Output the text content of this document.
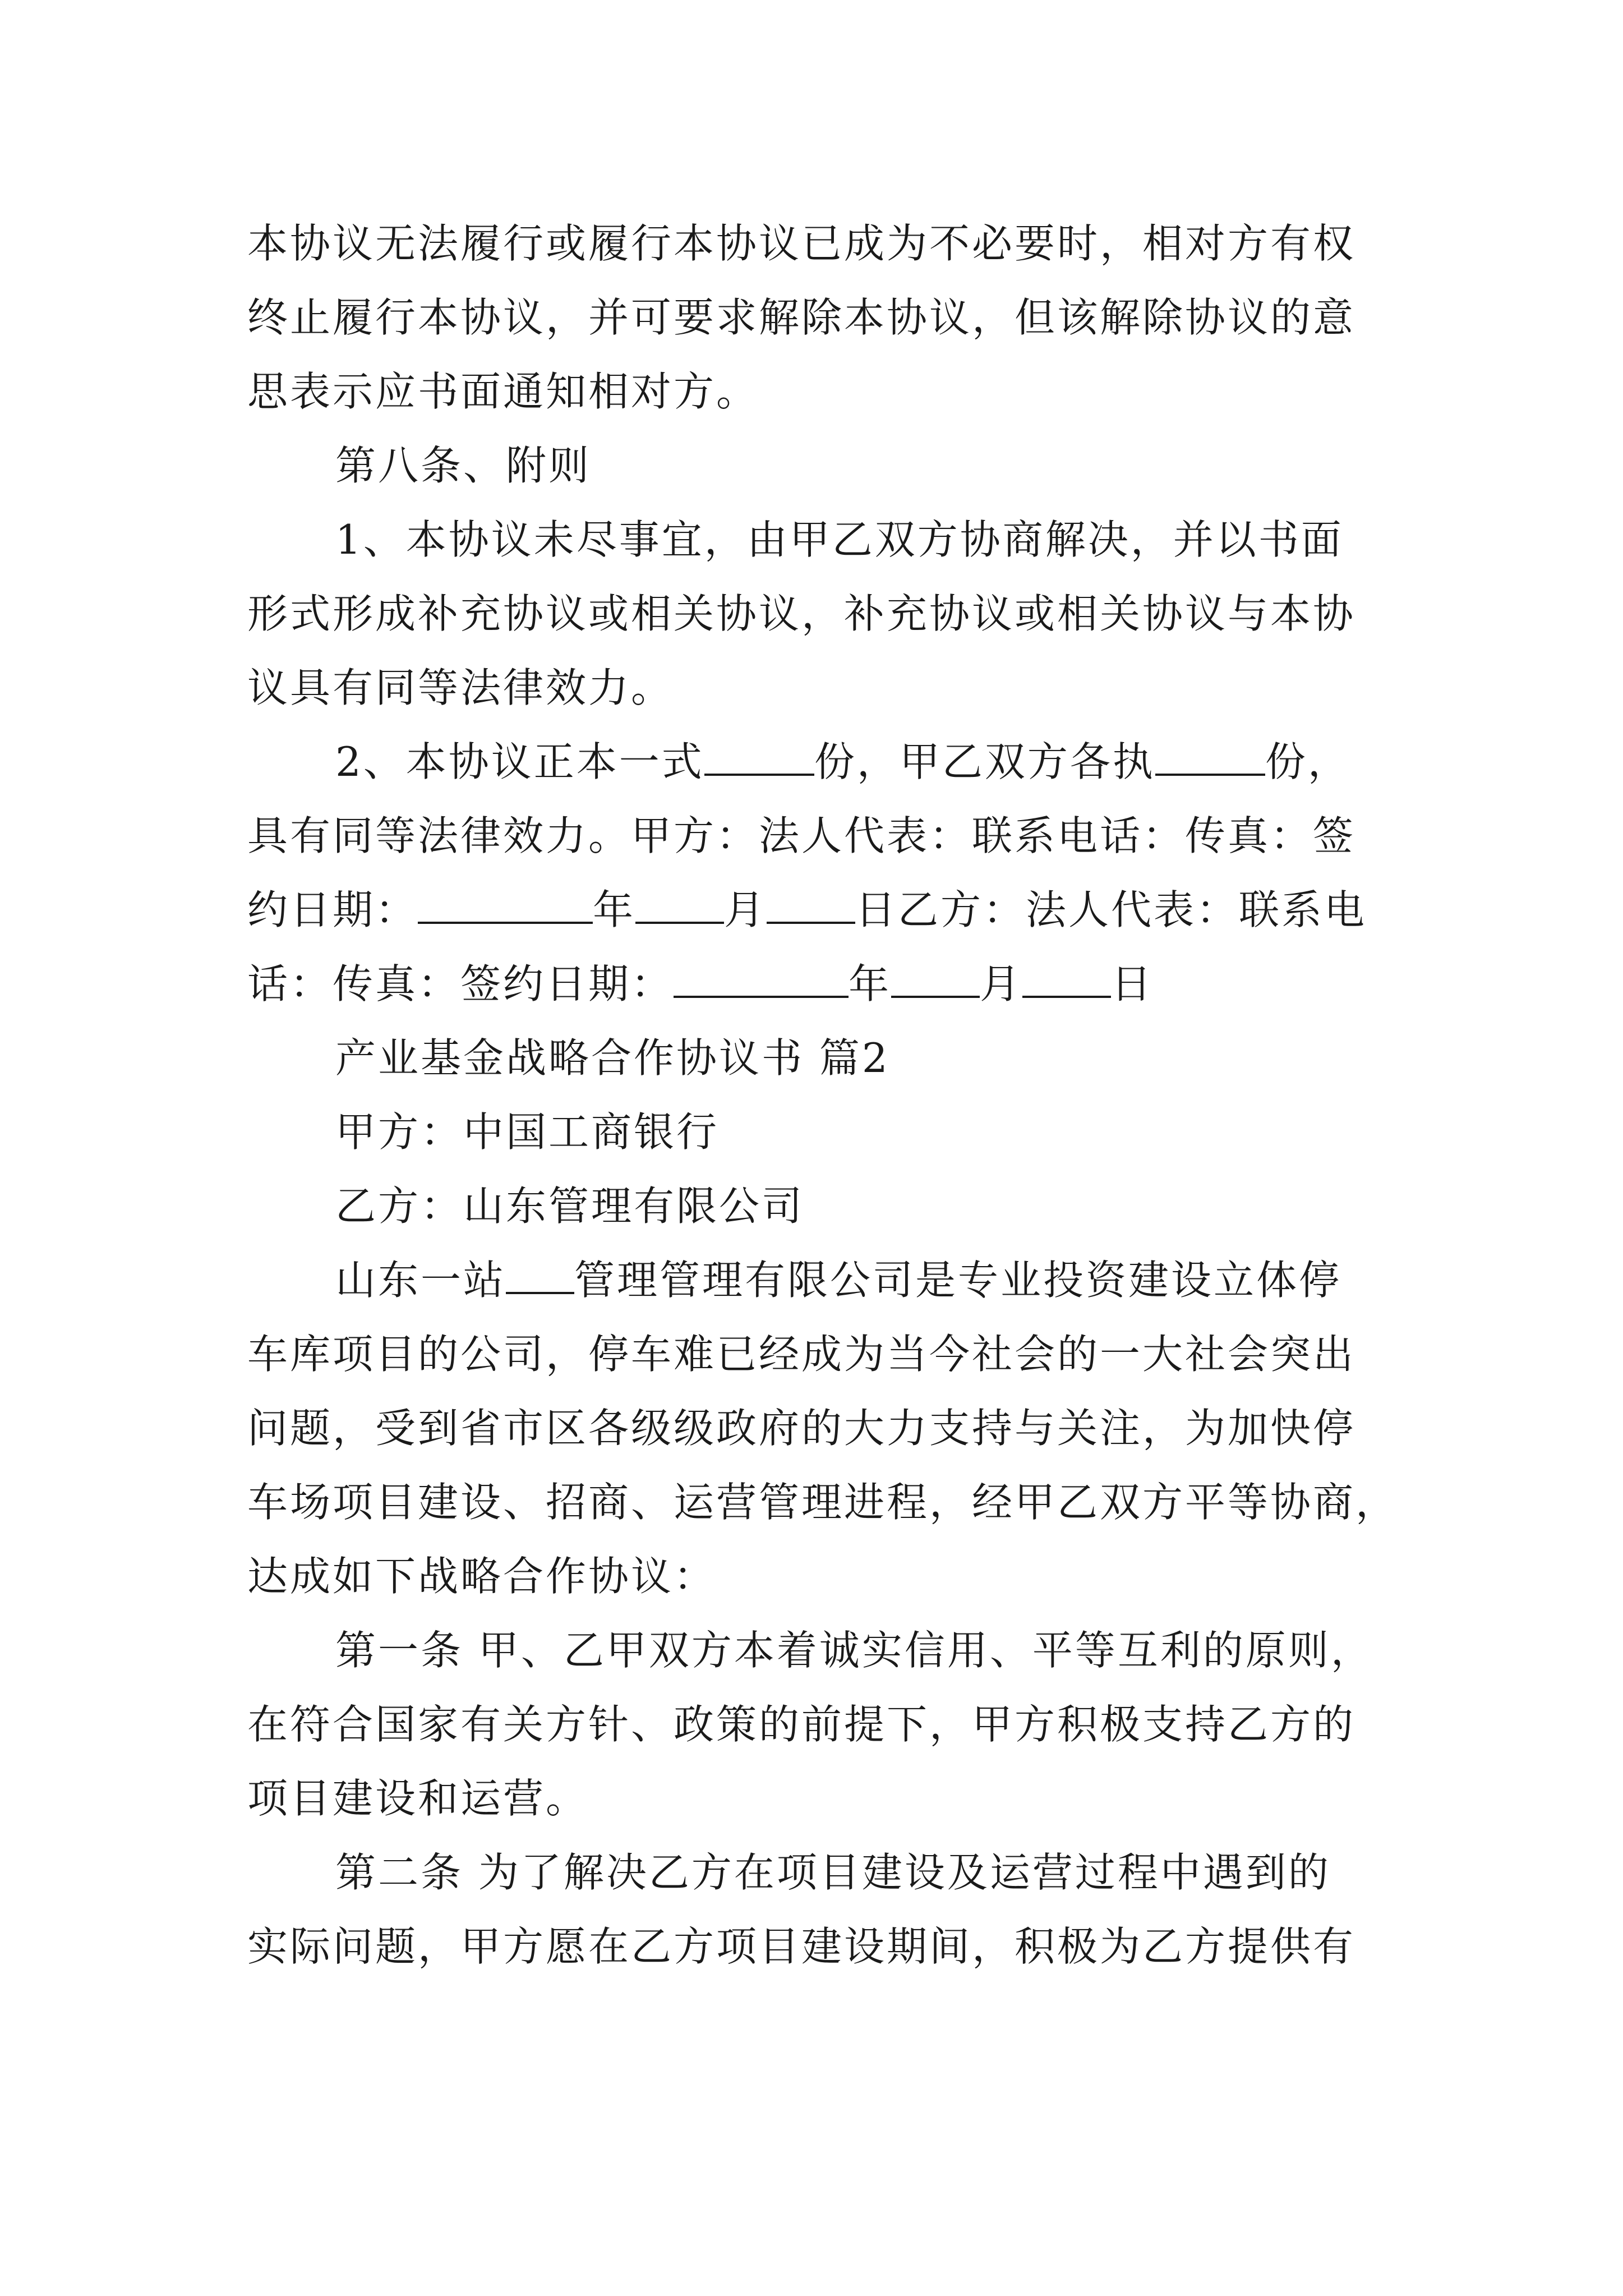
本协议无法履行或履行本协议已成为不必要时，相对方有权
终止履行本协议，并可要求解除本协议，但该解除协议的意
思表示应书面通知相对方。
第八条、附则
1、本协议未尽事宜，由甲乙双方协商解决，并以书面
形式形成补充协议或相关协议，补充协议或相关协议与本协
议具有同等法律效力。
2、本协议正本一式	份，甲乙双方各执	份，
具有同等法律效力。甲方：法人代表：联系电话：传真：签
约日期：	年 月 日乙方：法人代表：联系电
话：传真：签约日期：	年 月 日
产业基金战略合作协议书 篇2
甲方：中国工商银行
乙方：山东管理有限公司
山东一站 管理管理有限公司是专业投资建设立体停
车库项目的公司，停车难已经成为当今社会的一大社会突出
问题，受到省市区各级级政府的大力支持与关注，为加快停
车场项目建设、招商、运营管理进程，经甲乙双方平等协商，
达成如下战略合作协议：
第一条 甲、乙甲双方本着诚实信用、平等互利的原则，
在符合国家有关方针、政策的前提下，甲方积极支持乙方的
项目建设和运营。
第二条 为了解决乙方在项目建设及运营过程中遇到的
实际问题，甲方愿在乙方项目建设期间，积极为乙方提供有
